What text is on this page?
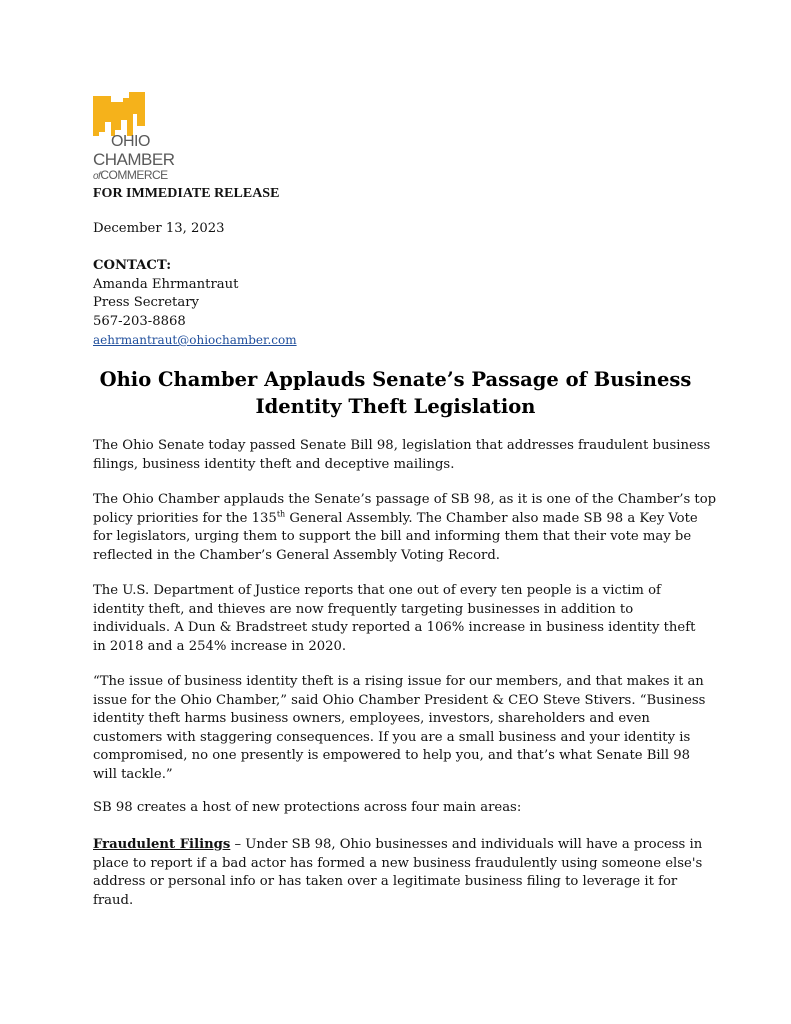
OHIO
CHAMBER
ofCOMMERCE
FOR IMMEDIATE RELEASE
December 13, 2023
CONTACT:
Amanda Ehrmantraut
Press Secretary
567-203-8868
aehrmantraut@ohiochamber.com
Ohio Chamber Applauds Senate’s Passage of Business
Identity Theft Legislation
The Ohio Senate today passed Senate Bill 98, legislation that addresses fraudulent business
filings, business identity theft and deceptive mailings.
The Ohio Chamber applauds the Senate’s passage of SB 98, as it is one of the Chamber’s top
policy priorities for the 135th General Assembly. The Chamber also made SB 98 a Key Vote
for legislators, urging them to support the bill and informing them that their vote may be
reflected in the Chamber’s General Assembly Voting Record.
The U.S. Department of Justice reports that one out of every ten people is a victim of
identity theft, and thieves are now frequently targeting businesses in addition to
individuals. A Dun & Bradstreet study reported a 106% increase in business identity theft
in 2018 and a 254% increase in 2020.
“The issue of business identity theft is a rising issue for our members, and that makes it an
issue for the Ohio Chamber,” said Ohio Chamber President & CEO Steve Stivers. “Business
identity theft harms business owners, employees, investors, shareholders and even
customers with staggering consequences. If you are a small business and your identity is
compromised, no one presently is empowered to help you, and that’s what Senate Bill 98
will tackle.”
SB 98 creates a host of new protections across four main areas:
Fraudulent Filings – Under SB 98, Ohio businesses and individuals will have a process in
place to report if a bad actor has formed a new business fraudulently using someone else's
address or personal info or has taken over a legitimate business filing to leverage it for
fraud.
